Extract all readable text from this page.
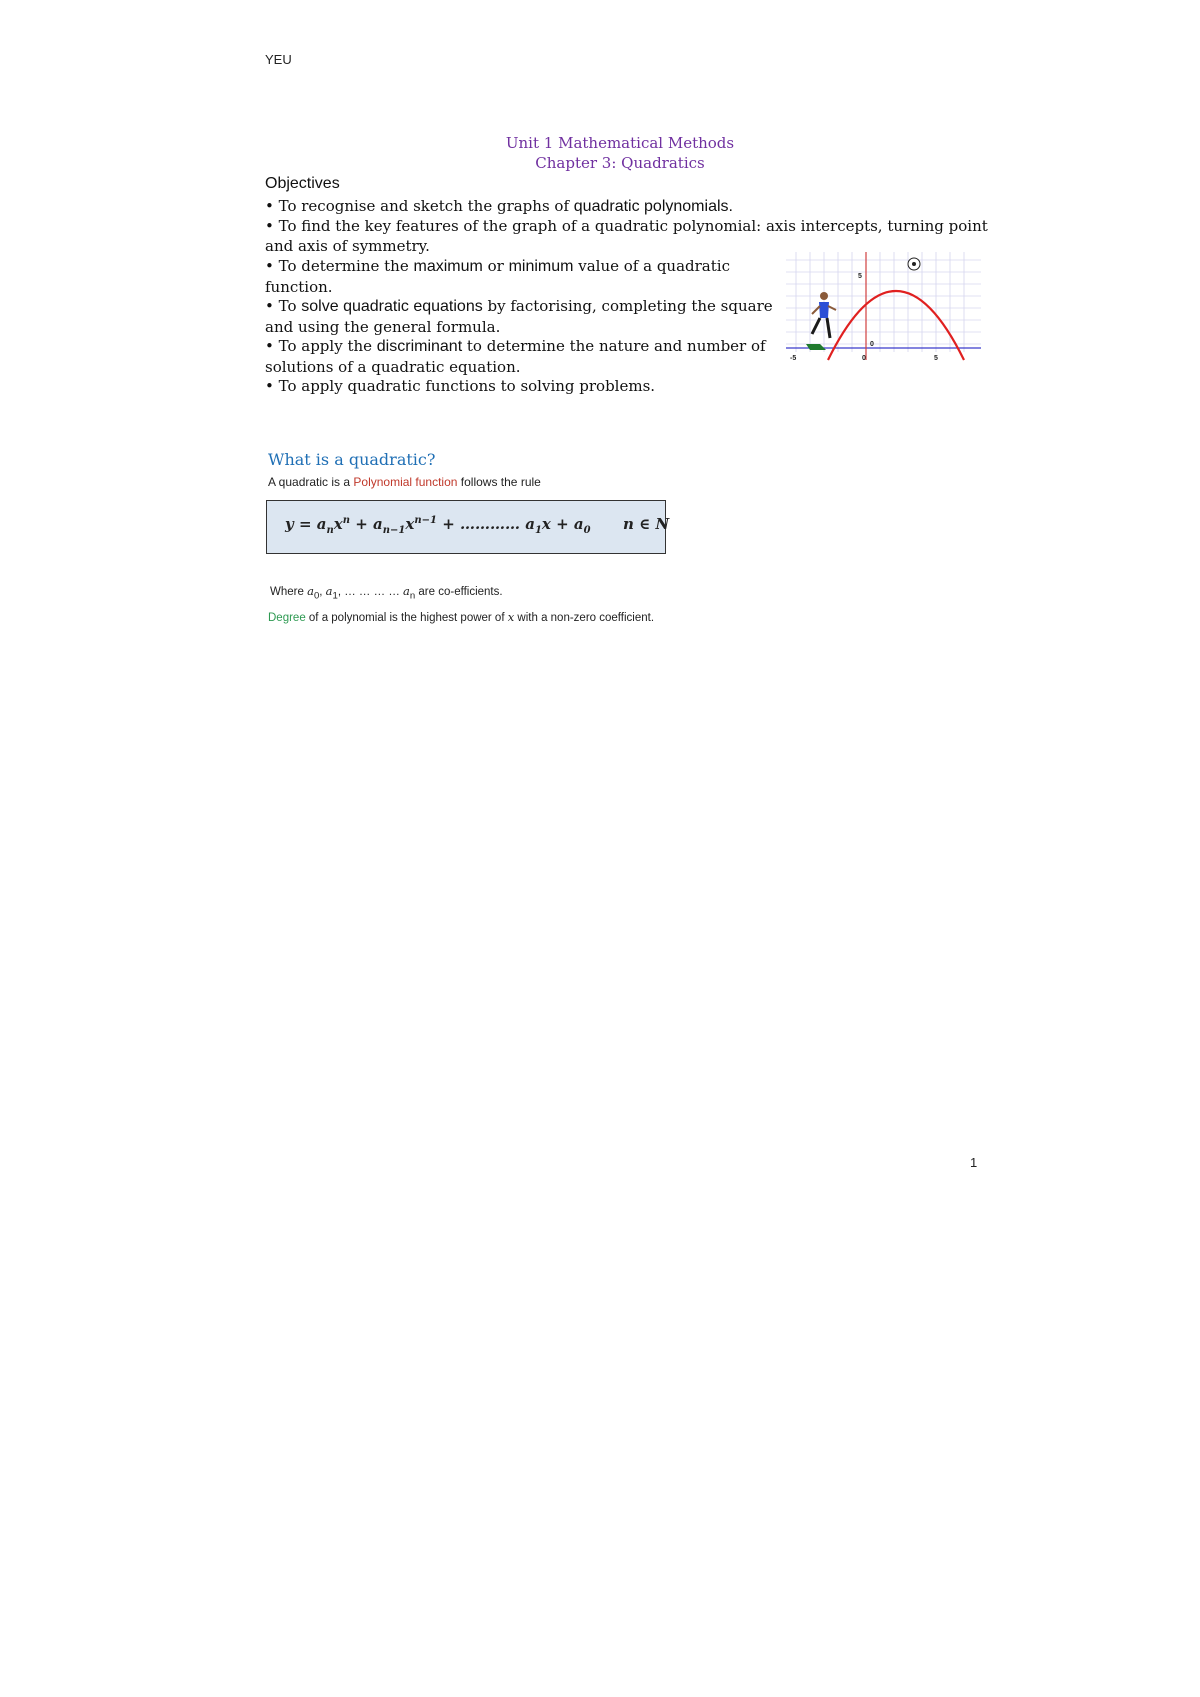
YEU
Unit 1 Mathematical Methods
Chapter 3: Quadratics
Objectives
• To recognise and sketch the graphs of quadratic polynomials.
• To find the key features of the graph of a quadratic polynomial: axis intercepts, turning point and axis of symmetry.
• To determine the maximum or minimum value of a quadratic function.
• To solve quadratic equations by factorising, completing the square and using the general formula.
• To apply the discriminant to determine the nature and number of solutions of a quadratic equation.
• To apply quadratic functions to solving problems.
-5	0	5
5
0
What is a quadratic?
A quadratic is a Polynomial function follows the rule
$y = a_nx^n + a_{n-1}x^{n-1}$ + ………… $a_1x + a_0$ n ∈ N
Where $a_0$, $a_1$, … … … … $a_n$ are co-efficients.
Degree of a polynomial is the highest power of x with a non-zero coefficient.
1
